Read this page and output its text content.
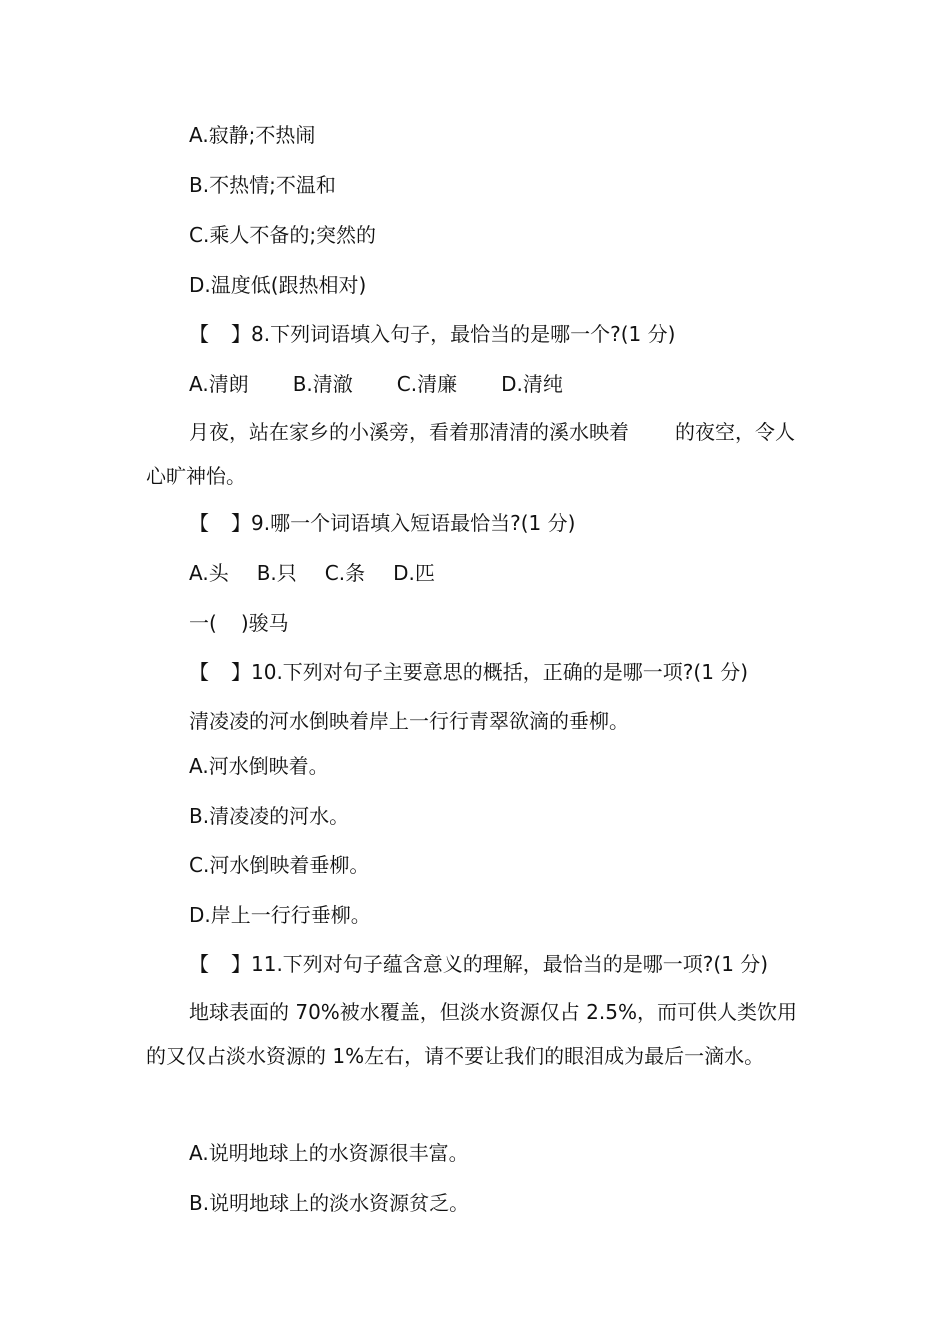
A.寂静;不热闹
B.不热情;不温和
C.乘人不备的;突然的
D.温度低(跟热相对)
【 】8.下列词语填入句子，最恰当的是哪一个?(1 分)
A.清朗 B.清澈 C.清廉 D.清纯
月夜，站在家乡的小溪旁，看着那清清的溪水映着 的夜空，令人心旷神怡。
【 】9.哪一个词语填入短语最恰当?(1 分)
A.头 B.只 C.条 D.匹
一( )骏马
【 】10.下列对句子主要意思的概括，正确的是哪一项?(1 分)
清凌凌的河水倒映着岸上一行行青翠欲滴的垂柳。
A.河水倒映着。
B.清凌凌的河水。
C.河水倒映着垂柳。
D.岸上一行行垂柳。
【 】11.下列对句子蕴含意义的理解，最恰当的是哪一项?(1 分)
地球表面的 70%被水覆盖，但淡水资源仅占 2.5%，而可供人类饮用的又仅占淡水资源的 1%左右，请不要让我们的眼泪成为最后一滴水。
A.说明地球上的水资源很丰富。
B.说明地球上的淡水资源贫乏。
